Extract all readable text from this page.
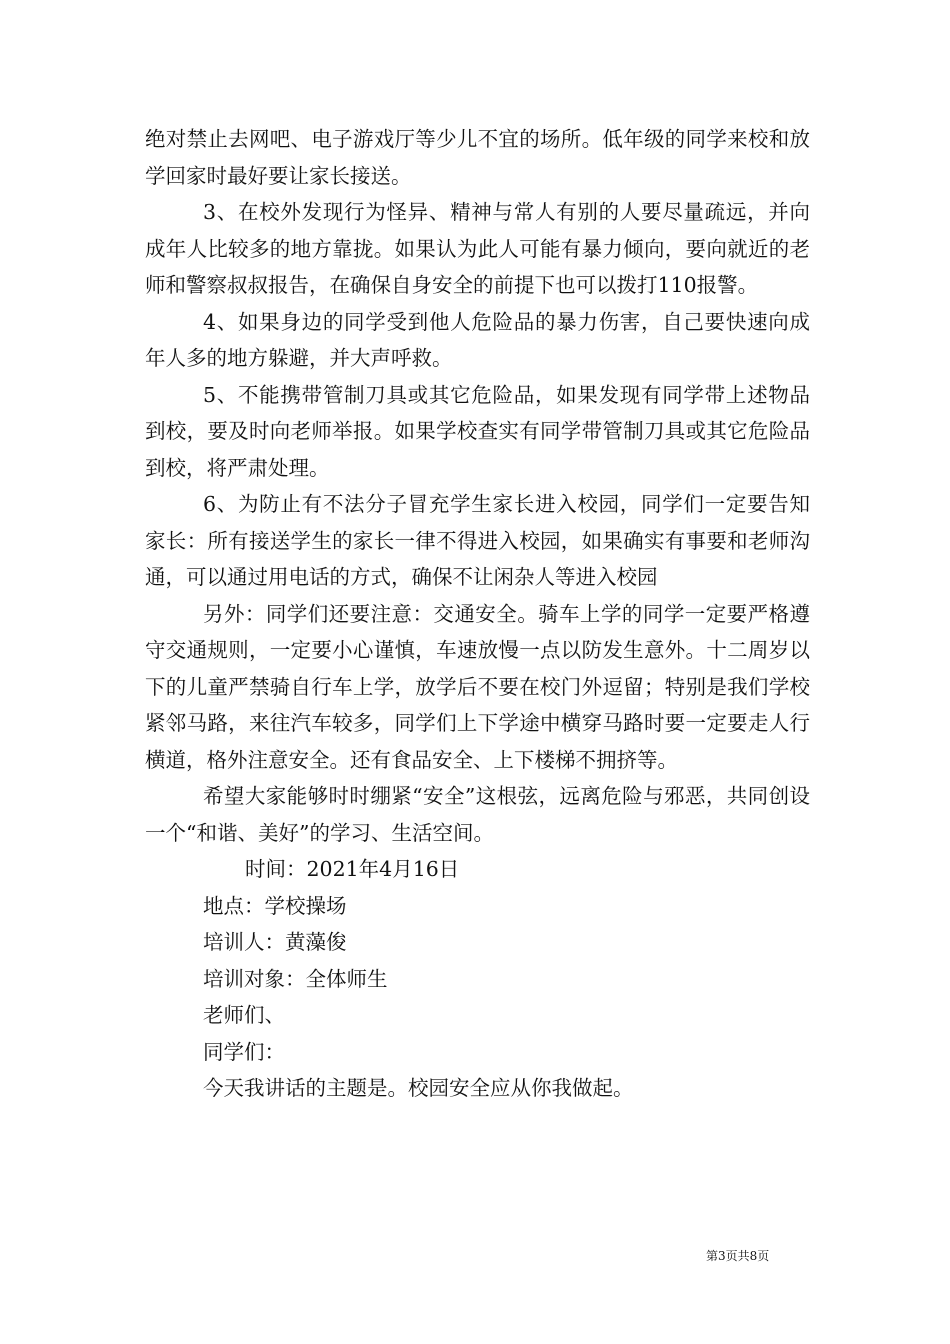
绝对禁止去网吧、电子游戏厅等少儿不宜的场所。低年级的同学来校和放学回家时最好要让家长接送。

3、在校外发现行为怪异、精神与常人有别的人要尽量疏远，并向成年人比较多的地方靠拢。如果认为此人可能有暴力倾向，要向就近的老师和警察叔叔报告，在确保自身安全的前提下也可以拨打110报警。

4、如果身边的同学受到他人危险品的暴力伤害，自己要快速向成年人多的地方躲避，并大声呼救。

5、不能携带管制刀具或其它危险品，如果发现有同学带上述物品到校，要及时向老师举报。如果学校查实有同学带管制刀具或其它危险品到校，将严肃处理。

6、为防止有不法分子冒充学生家长进入校园，同学们一定要告知家长：所有接送学生的家长一律不得进入校园，如果确实有事要和老师沟通，可以通过用电话的方式，确保不让闲杂人等进入校园

另外：同学们还要注意：交通安全。骑车上学的同学一定要严格遵守交通规则，一定要小心谨慎，车速放慢一点以防发生意外。十二周岁以下的儿童严禁骑自行车上学，放学后不要在校门外逗留；特别是我们学校紧邻马路，来往汽车较多，同学们上下学途中横穿马路时要一定要走人行横道，格外注意安全。还有食品安全、上下楼梯不拥挤等。

希望大家能够时时绷紧“安全”这根弦，远离危险与邪恶，共同创设一个“和谐、美好”的学习、生活空间。

时间：2021年4月16日

地点：学校操场

培训人：黄藻俊

培训对象：全体师生

老师们、

同学们：

今天我讲话的主题是。校园安全应从你我做起。

第3页共8页
